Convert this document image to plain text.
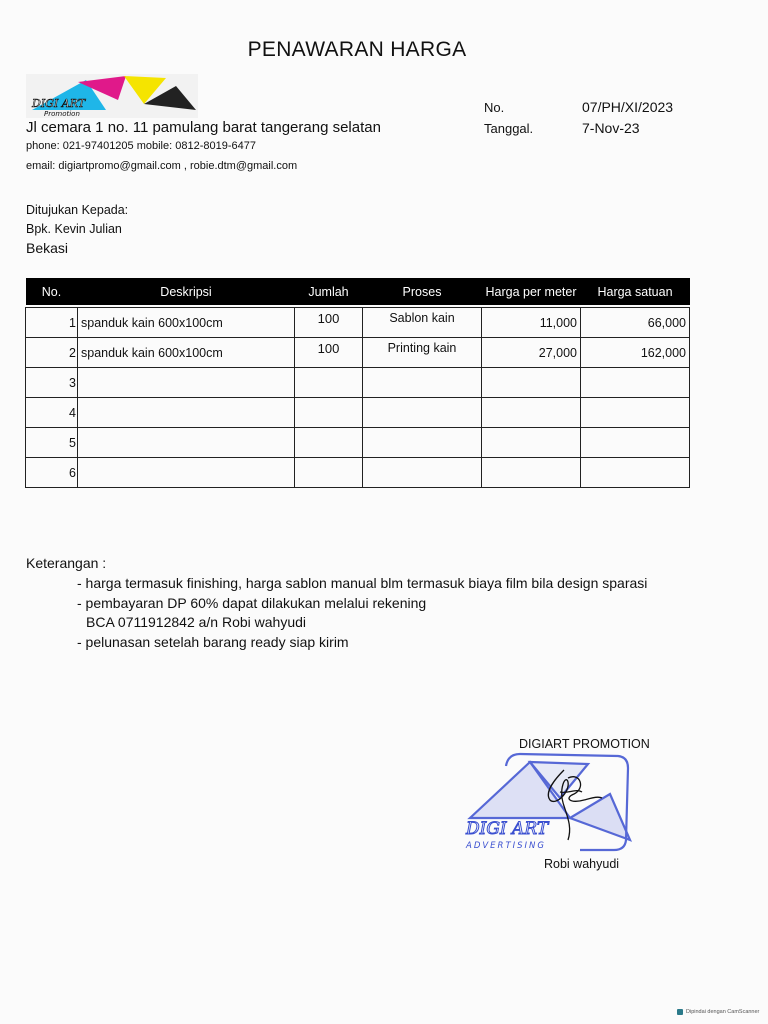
PENAWARAN HARGA
DIGI ART
Promotion
Jl cemara 1 no. 11 pamulang barat tangerang selatan
phone: 021-97401205 mobile: 0812-8019-6477
email: digiartpromo@gmail.com , robie.dtm@gmail.com
No.	07/PH/XI/2023
Tanggal.	7-Nov-23
Ditujukan Kepada:
Bpk. Kevin Julian
Bekasi
No.	Deskripsi	Jumlah	Proses	Harga per meter	Harga satuan

1	spanduk kain 600x100cm	100	Sablon kain	11,000	66,000
2	spanduk kain 600x100cm	100	Printing kain	27,000	162,000
3					
4					
5					
6					
Keterangan :
- harga termasuk finishing, harga sablon manual blm termasuk biaya film bila design sparasi
- pembayaran DP 60% dapat dilakukan melalui rekening
BCA 0711912842 a/n Robi wahyudi
- pelunasan setelah barang ready siap kirim
DIGIART PROMOTION
DIGI ART
ADVERTISING
Robi wahyudi
Dipindai dengan CamScanner
